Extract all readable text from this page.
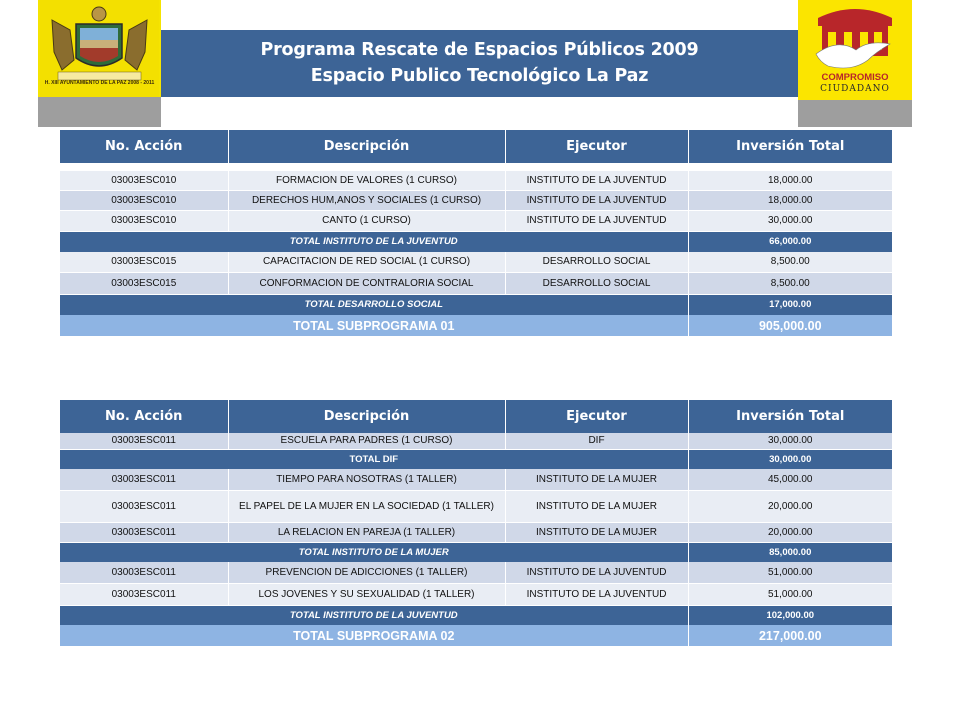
H. XIII AYUNTAMIENTO DE LA PAZ 2008 - 2011
Programa Rescate de Espacios Públicos 2009
Espacio Publico Tecnológico La Paz	COMPROMISO
CIUDADANO
No. Acción	Descripción	Ejecutor	Inversión Total

03003ESC010	FORMACION DE VALORES (1 CURSO)	INSTITUTO DE LA JUVENTUD	18,000.00
03003ESC010	DERECHOS HUM,ANOS Y SOCIALES (1 CURSO)	INSTITUTO DE LA JUVENTUD	18,000.00
03003ESC010	CANTO (1 CURSO)	INSTITUTO DE LA JUVENTUD	30,000.00
TOTAL INSTITUTO DE LA JUVENTUD			66,000.00
03003ESC015	CAPACITACION DE RED SOCIAL (1 CURSO)	DESARROLLO SOCIAL	8,500.00
03003ESC015	CONFORMACION DE CONTRALORIA SOCIAL	DESARROLLO SOCIAL	8,500.00
TOTAL DESARROLLO SOCIAL			17,000.00
TOTAL SUBPROGRAMA 01			905,000.00
No. Acción	Descripción	Ejecutor	Inversión Total
03003ESC011	ESCUELA PARA PADRES (1 CURSO)	DIF	30,000.00
TOTAL DIF			30,000.00
03003ESC011	TIEMPO PARA NOSOTRAS (1 TALLER)	INSTITUTO DE LA MUJER	45,000.00
03003ESC011	EL PAPEL DE LA MUJER EN LA SOCIEDAD (1 TALLER)	INSTITUTO DE LA MUJER	20,000.00
03003ESC011	LA RELACION EN PAREJA (1 TALLER)	INSTITUTO DE LA MUJER	20,000.00
TOTAL INSTITUTO DE LA MUJER			85,000.00
03003ESC011	PREVENCION DE ADICCIONES (1 TALLER)	INSTITUTO DE LA JUVENTUD	51,000.00
03003ESC011	LOS JOVENES Y SU SEXUALIDAD (1 TALLER)	INSTITUTO DE LA JUVENTUD	51,000.00
TOTAL INSTITUTO DE LA JUVENTUD			102,000.00
TOTAL SUBPROGRAMA 02			217,000.00
